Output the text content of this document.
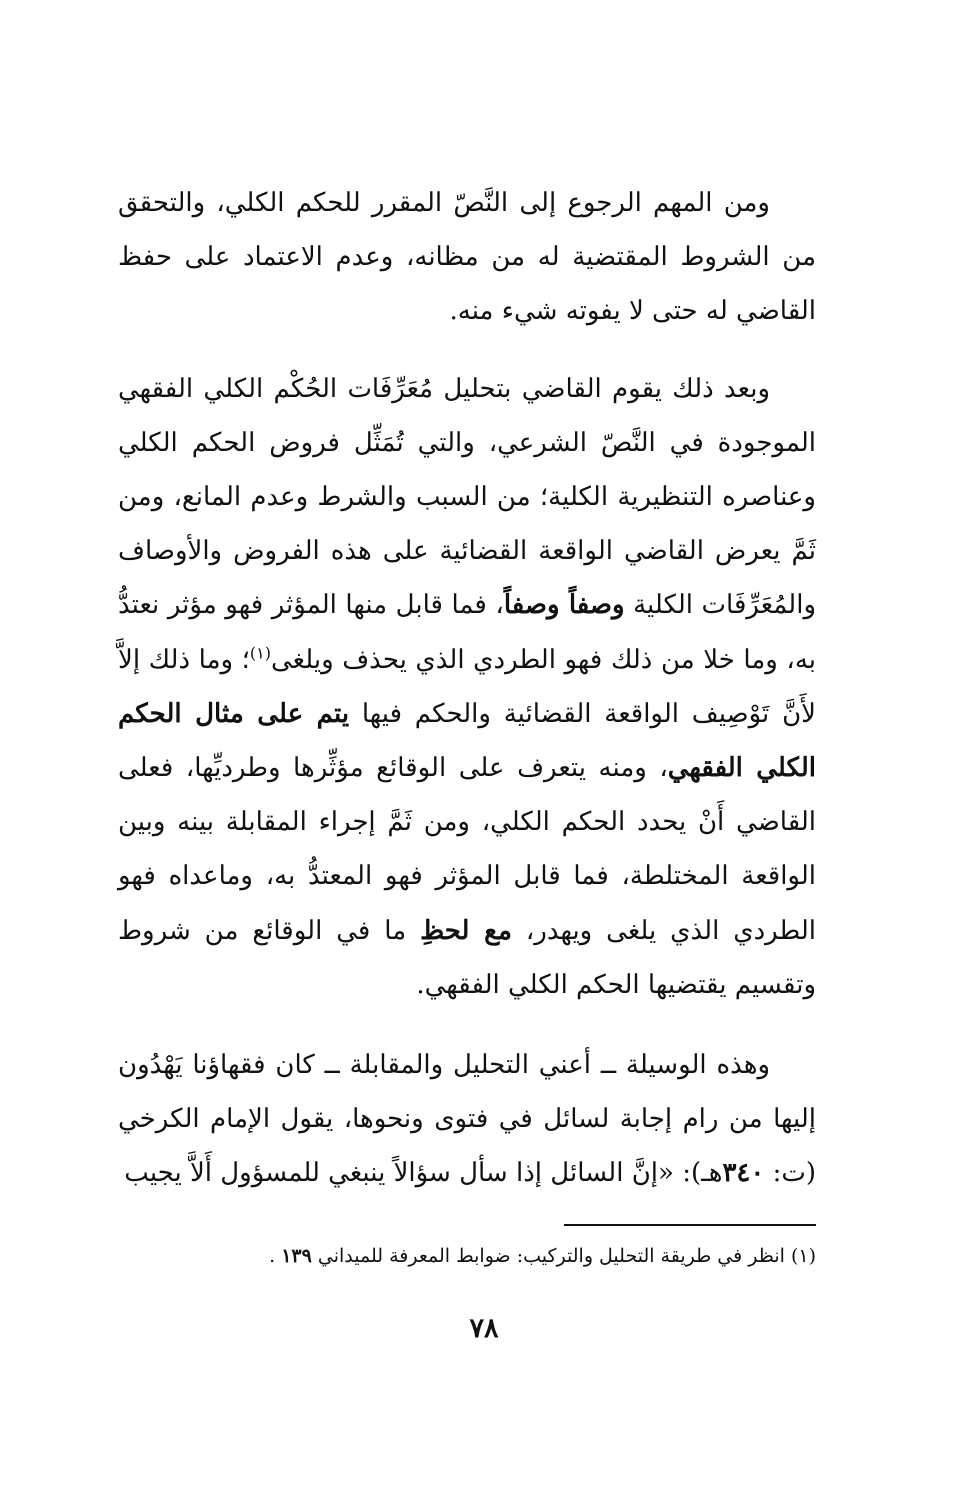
ومن المهم الرجوع إلى النَّصّ المقرر للحكم الكلي، والتحقق من الشروط المقتضية له من مظانه، وعدم الاعتماد على حفظ القاضي له حتى لا يفوته شيء منه.

وبعد ذلك يقوم القاضي بتحليل مُعَرِّفَات الحُكْم الكلي الفقهي الموجودة في النَّصّ الشرعي، والتي تُمَثِّل فروض الحكم الكلي وعناصره التنظيرية الكلية؛ من السبب والشرط وعدم المانع، ومن ثَمَّ يعرض القاضي الواقعة القضائية على هذه الفروض والأوصاف والمُعَرِّفَات الكلية وصفاً وصفاً، فما قابل منها المؤثر فهو مؤثر نعتدُّ به، وما خلا من ذلك فهو الطردي الذي يحذف ويلغى$^{(١)}$؛ وما ذلك إلاَّ لأَنَّ تَوْصِيف الواقعة القضائية والحكم فيها يتم على مثال الحكم الكلي الفقهي، ومنه يتعرف على الوقائع مؤثِّرها وطرديِّها، فعلى القاضي أَنْ يحدد الحكم الكلي، ومن ثَمَّ إجراء المقابلة بينه وبين الواقعة المختلطة، فما قابل المؤثر فهو المعتدُّ به، وماعداه فهو الطردي الذي يلغى ويهدر، مع لحظِ ما في الوقائع من شروط وتقسيم يقتضيها الحكم الكلي الفقهي.

وهذه الوسيلة ــ أعني التحليل والمقابلة ــ كان فقهاؤنا يَهْدُون إليها من رام إجابة لسائل في فتوى ونحوها، يقول الإمام الكرخي (ت: ٣٤٠هـ): «إنَّ السائل إذا سأل سؤالاً ينبغي للمسؤول أَلاَّ يجيب

(١) انظر في طريقة التحليل والتركيب: ضوابط المعرفة للميداني ١٣٩ .

٧٨
